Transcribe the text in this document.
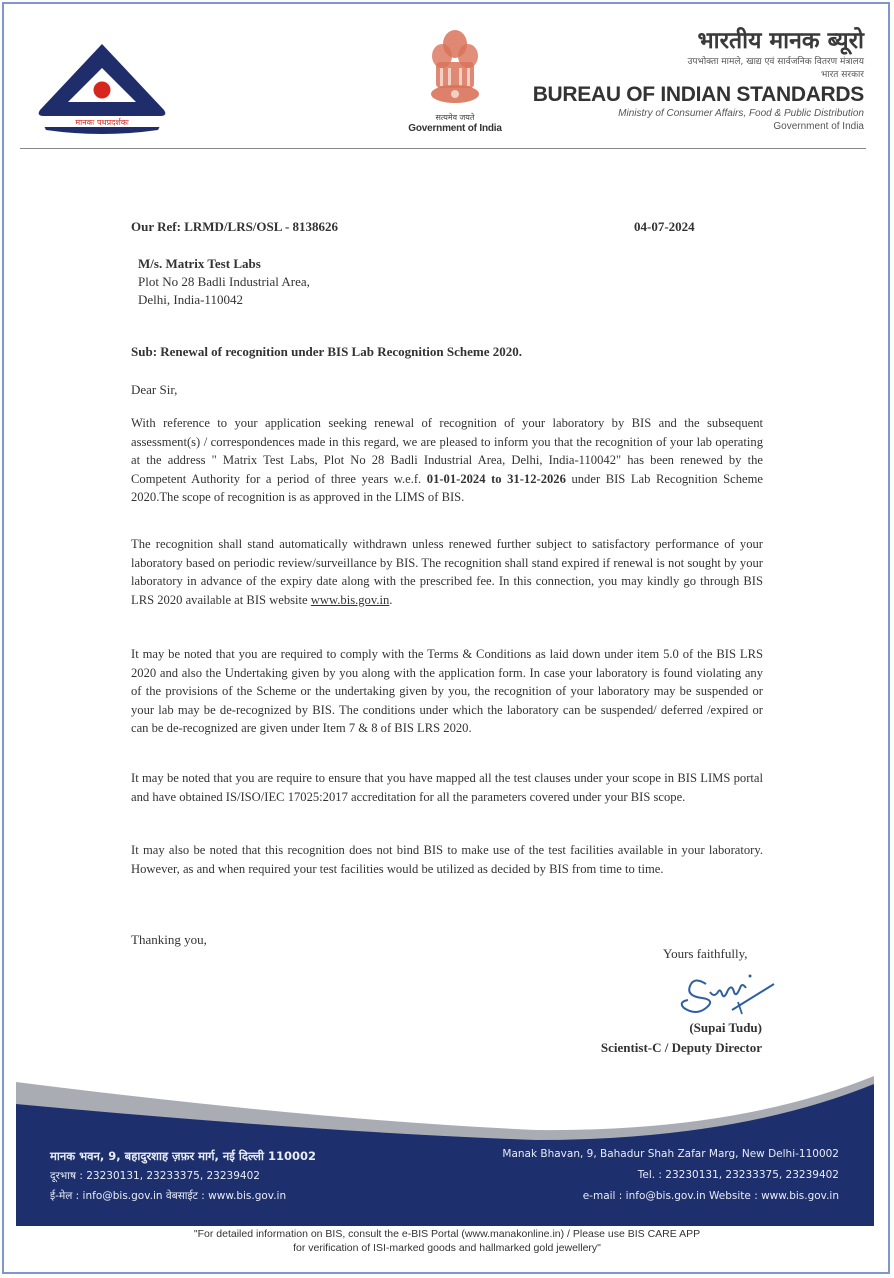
मानकः पथप्रदर्शकः
सत्यमेव जयते
Government of India
भारतीय मानक ब्यूरो
उपभोक्ता मामले, खाद्य एवं सार्वजनिक वितरण मंत्रालय
भारत सरकार
BUREAU OF INDIAN STANDARDS
Ministry of Consumer Affairs, Food & Public Distribution
Government of India
Our Ref: LRMD/LRS/OSL - 8138626	04-07-2024
M/s. Matrix Test Labs
Plot No 28 Badli Industrial Area,
Delhi, India-110042
Sub: Renewal of recognition under BIS Lab Recognition Scheme 2020.
Dear Sir,
With reference to your application seeking renewal of recognition of your laboratory by BIS and the subsequent assessment(s) / correspondences made in this regard, we are pleased to inform you that the recognition of your lab operating at the address " Matrix Test Labs, Plot No 28 Badli Industrial Area, Delhi, India-110042" has been renewed by the Competent Authority for a period of three years w.e.f. 01-01-2024 to 31-12-2026 under BIS Lab Recognition Scheme 2020.The scope of recognition is as approved in the LIMS of BIS.
The recognition shall stand automatically withdrawn unless renewed further subject to satisfactory performance of your laboratory based on periodic review/surveillance by BIS. The recognition shall stand expired if renewal is not sought by your laboratory in advance of the expiry date along with the prescribed fee. In this connection, you may kindly go through BIS LRS 2020 available at BIS website www.bis.gov.in.
It may be noted that you are required to comply with the Terms & Conditions as laid down under item 5.0 of the BIS LRS 2020 and also the Undertaking given by you along with the application form. In case your laboratory is found violating any of the provisions of the Scheme or the undertaking given by you, the recognition of your laboratory may be suspended or your lab may be de-recognized by BIS. The conditions under which the laboratory can be suspended/ deferred /expired or can be de-recognized are given under Item 7 & 8 of BIS LRS 2020.
It may be noted that you are require to ensure that you have mapped all the test clauses under your scope in BIS LIMS portal and have obtained IS/ISO/IEC 17025:2017 accreditation for all the parameters covered under your BIS scope.
It may also be noted that this recognition does not bind BIS to make use of the test facilities available in your laboratory. However, as and when required your test facilities would be utilized as decided by BIS from time to time.
Thanking you,
Yours faithfully,
(Supai Tudu)
Scientist-C / Deputy Director
मानक भवन, 9, बहादुरशाह ज़फ़र मार्ग, नई दिल्ली 110002
दूरभाष : 23230131, 23233375, 23239402
ई-मेल : info@bis.gov.in वेबसाईट : www.bis.gov.in
Manak Bhavan, 9, Bahadur Shah Zafar Marg, New Delhi-110002
Tel. : 23230131, 23233375, 23239402
e-mail : info@bis.gov.in Website : www.bis.gov.in
"For detailed information on BIS, consult the e-BIS Portal (www.manakonline.in) / Please use BIS CARE APP
for verification of ISI-marked goods and hallmarked gold jewellery"
